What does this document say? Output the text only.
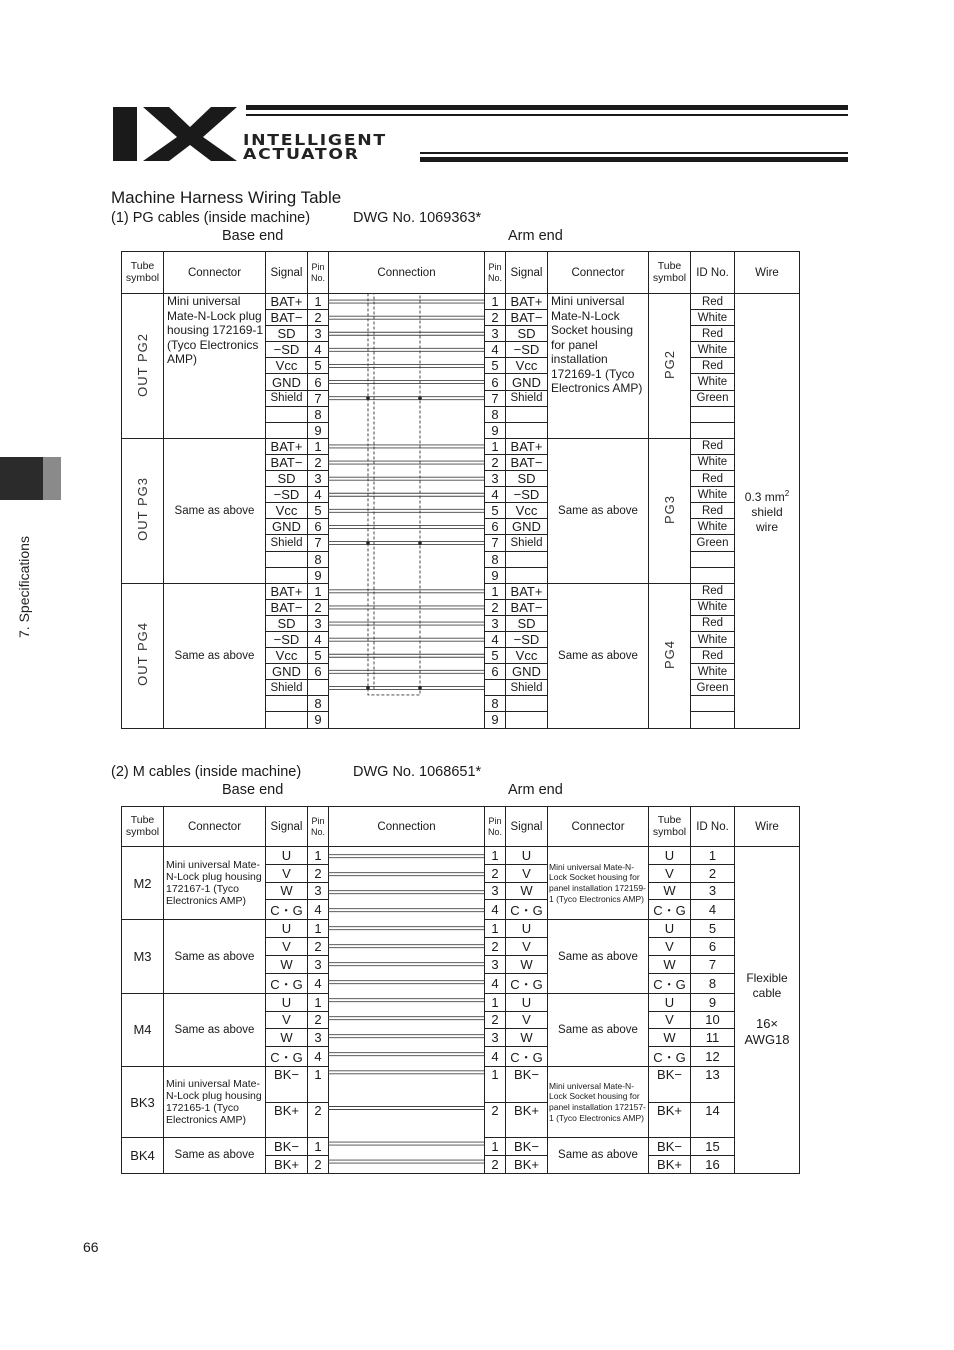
INTELLIGENT
ACTUATOR
7. Specifications
Machine Harness Wiring Table
(1) PG cables (inside machine)	DWG No. 1069363*
Base end	Arm end
Tube symbol	Connector	Signal	Pin No.	Connection	Pin No.	Signal	Connector	Tube symbol	ID No.	Wire
OUT PG2	Mini universal Mate-N-Lock plug housing 172169-1 (Tyco Electronics AMP)	BAT+	1		1	BAT+	Mini universal Mate-N-Lock Socket housing for panel installation 172169-1 (Tyco Electronics AMP)	PG2	Red	0.3 $mm^2$
shield wire
		BAT−	2		2	BAT−			White	
		SD	3		3	SD			Red	
		−SD	4		4	−SD			White	
		Vcc	5		5	Vcc			Red	
		GND	6		6	GND			White	
		Shield	7		7	Shield			Green	
			8		8					
			9		9					
OUT PG3	Same as above	BAT+	1		1	BAT+	Same as above	PG3	Red	
		BAT−	2		2	BAT−			White	
		SD	3		3	SD			Red	
		−SD	4		4	−SD			White	
		Vcc	5		5	Vcc			Red	
		GND	6		6	GND			White	
		Shield	7		7	Shield			Green	
			8		8					
			9		9					
OUT PG4	Same as above	BAT+	1		1	BAT+	Same as above	PG4	Red	
		BAT−	2		2	BAT−			White	
		SD	3		3	SD			Red	
		−SD	4		4	−SD			White	
		Vcc	5		5	Vcc			Red	
		GND	6		6	GND			White	
		Shield				Shield			Green	
			8		8					
			9		9					
(2) M cables (inside machine)	DWG No. 1068651*
Base end	Arm end
Tube symbol	Connector	Signal	Pin No.	Connection	Pin No.	Signal	Connector	Tube symbol	ID No.	Wire
M2	Mini universal Mate-N-Lock plug housing 172167-1 (Tyco Electronics AMP)	U	1		1	U	Mini universal Mate-N-Lock Socket housing for panel installation 172159-1 (Tyco Electronics AMP)	U	1	Flexible cable

16×
AWG18
		V	2		2	V		V	2	
		W	3		3	W		W	3	
		C・G	4		4	C・G		C・G	4	
M3	Same as above	U	1		1	U	Same as above	U	5	
		V	2		2	V		V	6	
		W	3		3	W		W	7	
		C・G	4		4	C・G		C・G	8	
M4	Same as above	U	1		1	U	Same as above	U	9	
		V	2		2	V		V	10	
		W	3		3	W		W	11	
		C・G	4		4	C・G		C・G	12	
BK3	Mini universal Mate-N-Lock plug housing 172165-1 (Tyco Electronics AMP)	BK−	1		1	BK−	Mini universal Mate-N-Lock Socket housing for panel installation 172157-1 (Tyco Electronics AMP)	BK−	13	
		BK+	2		2	BK+		BK+	14	
BK4	Same as above	BK−	1		1	BK−	Same as above	BK−	15	
		BK+	2		2	BK+		BK+	16	
66
